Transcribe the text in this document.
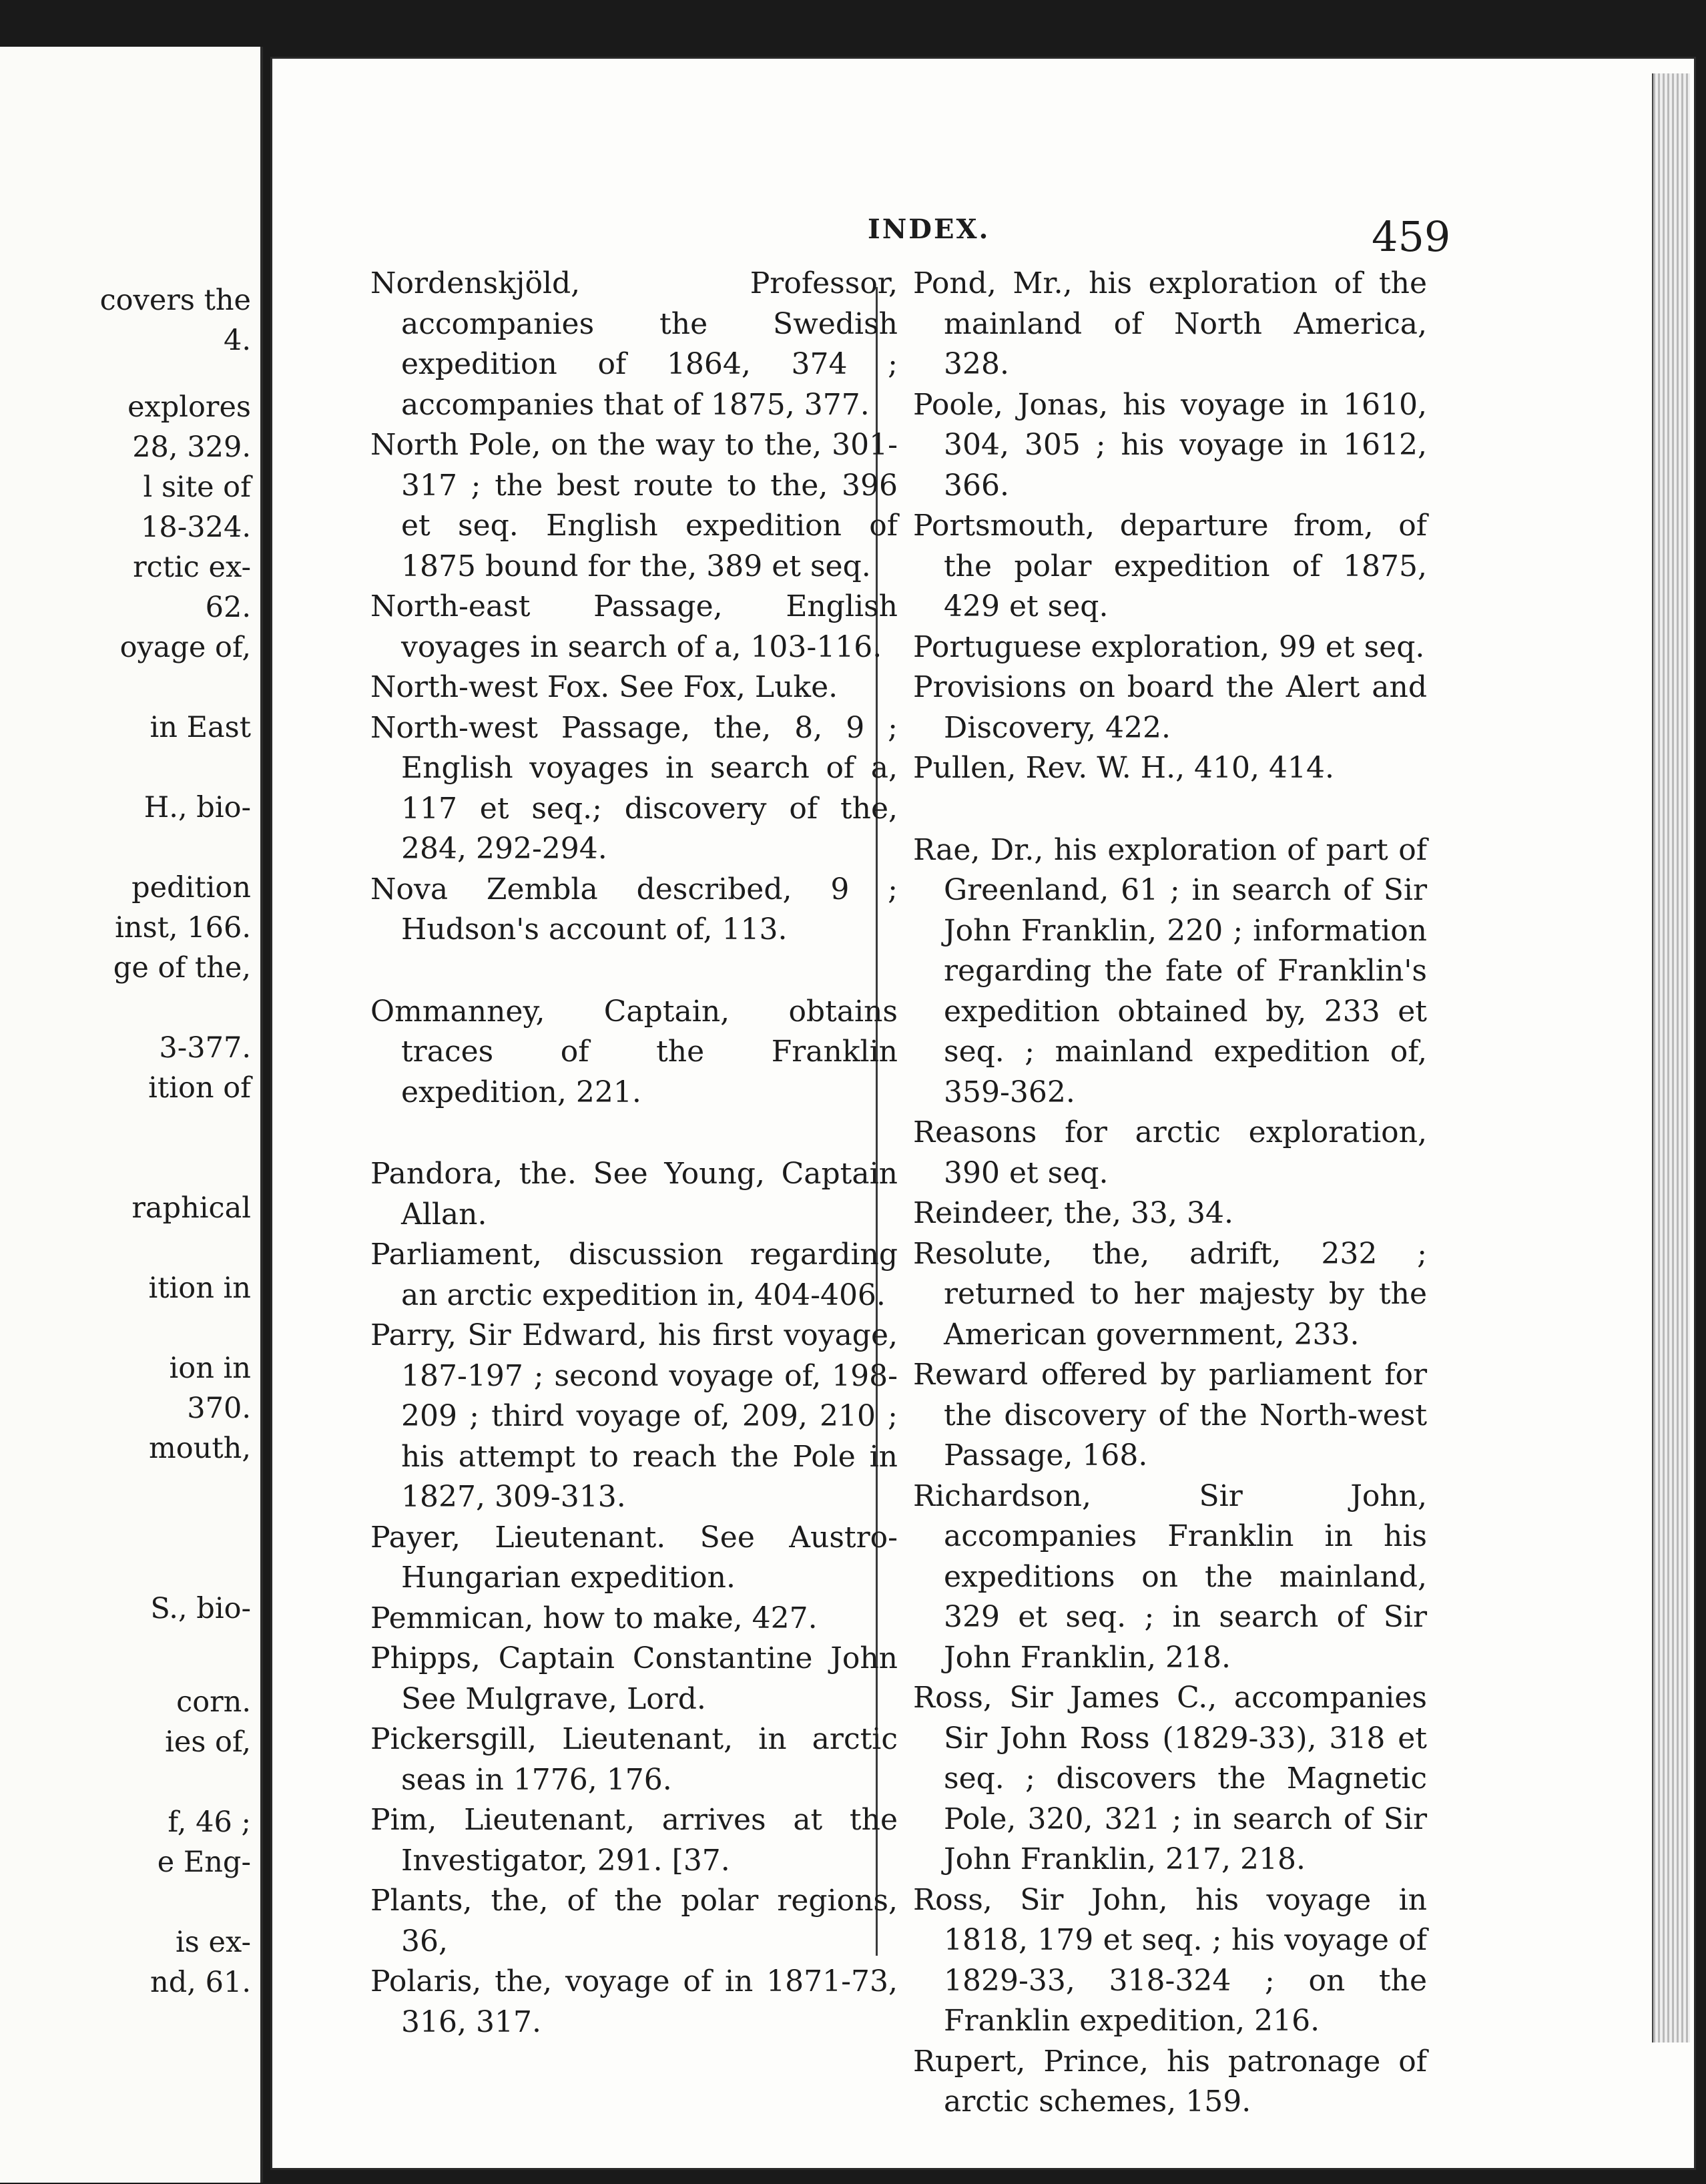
covers the
4.
explores
28, 329.
l site of
18-324.
rctic ex-
62.
oyage of,
in East
H., bio-
pedition
inst, 166.
ge of the,
3-377.
ition of
raphical
ition in
ion in
370.
mouth,
S., bio-
corn.
ies of,
f, 46 ;
e Eng-
is ex-
nd, 61.
INDEX.	459

Nordenskjöld, Professor, accompanies the Swedish expedition of 1864, 374 ; accompanies that of 1875, 377.

North Pole, on the way to the, 301-317 ; the best route to the, 396 et seq. English expedition of 1875 bound for the, 389 et seq.

North-east Passage, English voyages in search of a, 103-116.

North-west Fox. See Fox, Luke.

North-west Passage, the, 8, 9 ; English voyages in search of a, 117 et seq.; discovery of the, 284, 292-294.

Nova Zembla described, 9 ; Hudson's account of, 113.

Ommanney, Captain, obtains traces of the Franklin expedition, 221.

Pandora, the. See Young, Captain Allan.

Parliament, discussion regarding an arctic expedition in, 404-406.

Parry, Sir Edward, his first voyage, 187-197 ; second voyage of, 198-209 ; third voyage of, 209, 210 ; his attempt to reach the Pole in 1827, 309-313.

Payer, Lieutenant. See Austro-Hungarian expedition.

Pemmican, how to make, 427.

Phipps, Captain Constantine John See Mulgrave, Lord.

Pickersgill, Lieutenant, in arctic seas in 1776, 176.

Pim, Lieutenant, arrives at the Investigator, 291. [37.

Plants, the, of the polar regions, 36,

Polaris, the, voyage of in 1871-73, 316, 317.

Pond, Mr., his exploration of the mainland of North America, 328.

Poole, Jonas, his voyage in 1610, 304, 305 ; his voyage in 1612, 366.

Portsmouth, departure from, of the polar expedition of 1875, 429 et seq.

Portuguese exploration, 99 et seq.

Provisions on board the Alert and Discovery, 422.

Pullen, Rev. W. H., 410, 414.

Rae, Dr., his exploration of part of Greenland, 61 ; in search of Sir John Franklin, 220 ; information regarding the fate of Franklin's expedition obtained by, 233 et seq. ; mainland expedition of, 359-362.

Reasons for arctic exploration, 390 et seq.

Reindeer, the, 33, 34.

Resolute, the, adrift, 232 ; returned to her majesty by the American government, 233.

Reward offered by parliament for the discovery of the North-west Passage, 168.

Richardson, Sir John, accompanies Franklin in his expeditions on the mainland, 329 et seq. ; in search of Sir John Franklin, 218.

Ross, Sir James C., accompanies Sir John Ross (1829-33), 318 et seq. ; discovers the Magnetic Pole, 320, 321 ; in search of Sir John Franklin, 217, 218.

Ross, Sir John, his voyage in 1818, 179 et seq. ; his voyage of 1829-33, 318-324 ; on the Franklin expedition, 216.

Rupert, Prince, his patronage of arctic schemes, 159.
